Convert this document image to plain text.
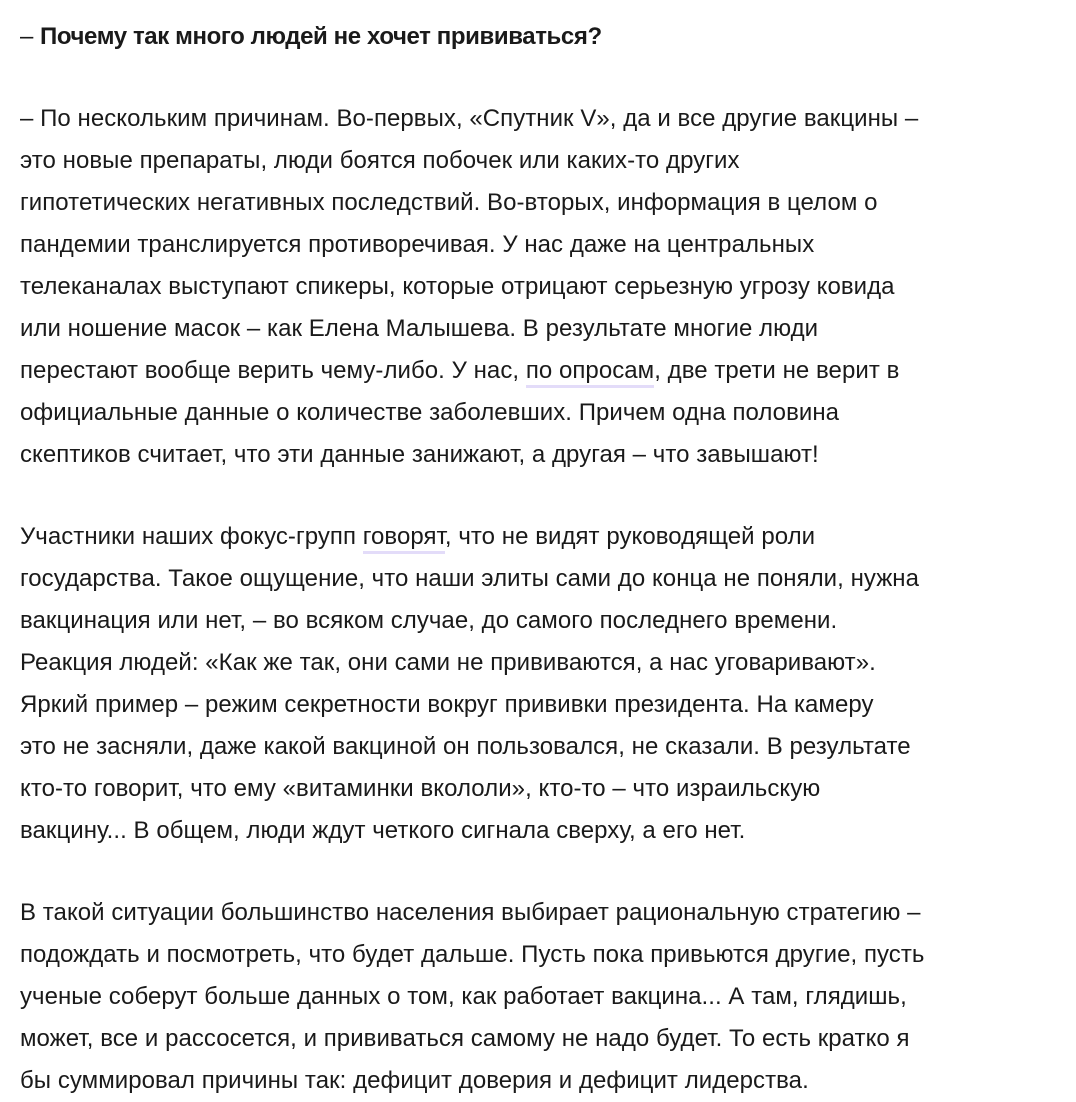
– Почему так много людей не хочет прививаться?

– По нескольким причинам. Во-первых, «Спутник V», да и все другие вакцины –
это новые препараты, люди боятся побочек или каких-то других
гипотетических негативных последствий. Во-вторых, информация в целом о
пандемии транслируется противоречивая. У нас даже на центральных
телеканалах выступают спикеры, которые отрицают серьезную угрозу ковида
или ношение масок – как Елена Малышева. В результате многие люди
перестают вообще верить чему-либо. У нас, по опросам, две трети не верит в
официальные данные о количестве заболевших. Причем одна половина
скептиков считает, что эти данные занижают, а другая – что завышают!

Участники наших фокус-групп говорят, что не видят руководящей роли
государства. Такое ощущение, что наши элиты сами до конца не поняли, нужна
вакцинация или нет, – во всяком случае, до самого последнего времени.
Реакция людей: «Как же так, они сами не прививаются, а нас уговаривают».
Яркий пример – режим секретности вокруг прививки президента. На камеру
это не засняли, даже какой вакциной он пользовался, не сказали. В результате
кто-то говорит, что ему «витаминки вкололи», кто-то – что израильскую
вакцину... В общем, люди ждут четкого сигнала сверху, а его нет.

В такой ситуации большинство населения выбирает рациональную стратегию –
подождать и посмотреть, что будет дальше. Пусть пока привьются другие, пусть
ученые соберут больше данных о том, как работает вакцина... А там, глядишь,
может, все и рассосется, и прививаться самому не надо будет. То есть кратко я
бы суммировал причины так: дефицит доверия и дефицит лидерства.
